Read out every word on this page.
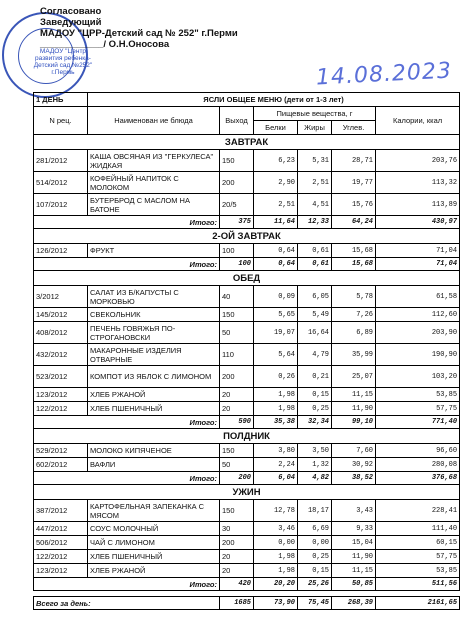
МАДОУ "Центр развития ребенка-Детский сад №252" г.Пермь
Согласовано
Заведующий
МАДОУ "ЦРР-Детский сад № 252" г.Перми
____________/ О.Н.Оносова
14.08.2023
1 ДЕНЬ	ЯСЛИ ОБЩЕЕ МЕНЮ (дети от 1-3 лет)					
N рец.	Наименован ие блюда	Выход	Пищевые вещества, г			Калории, ккал
			Белки	Жиры	Углев.	
ЗАВТРАК						
281/2012	КАША ОВСЯНАЯ ИЗ "ГЕРКУЛЕСА" ЖИДКАЯ	150	6,23	5,31	28,71	203,76
514/2012	КОФЕЙНЫЙ НАПИТОК С МОЛОКОМ	200	2,90	2,51	19,77	113,32
107/2012	БУТЕРБРОД С МАСЛОМ НА БАТОНЕ	20/5	2,51	4,51	15,76	113,89
Итого:		375	11,64	12,33	64,24	430,97
2-ОЙ ЗАВТРАК						
126/2012	ФРУКТ	100	0,64	0,61	15,68	71,04
Итого:		100	0,64	0,61	15,68	71,04
ОБЕД						
3/2012	САЛАТ ИЗ Б/КАПУСТЫ С МОРКОВЬЮ	40	0,09	6,05	5,78	61,58
145/2012	СВЕКОЛЬНИК	150	5,65	5,49	7,26	112,60
408/2012	ПЕЧЕНЬ ГОВЯЖЬЯ ПО-СТРОГАНОВСКИ	50	19,07	16,64	6,89	203,90
432/2012	МАКАРОННЫЕ ИЗДЕЛИЯ ОТВАРНЫЕ	110	5,64	4,79	35,99	190,90
523/2012	КОМПОТ ИЗ ЯБЛОК С ЛИМОНОМ	200	0,26	0,21	25,07	103,20
123/2012	ХЛЕБ РЖАНОЙ	20	1,98	0,15	11,15	53,85
122/2012	ХЛЕБ ПШЕНИЧНЫЙ	20	1,98	0,25	11,90	57,75
Итого:		590	35,38	32,34	99,10	771,40
ПОЛДНИК						
529/2012	МОЛОКО КИПЯЧЕНОЕ	150	3,80	3,50	7,60	96,60
602/2012	ВАФЛИ	50	2,24	1,32	30,92	280,08
Итого:		200	6,04	4,82	38,52	376,68
УЖИН						
387/2012	КАРТОФЕЛЬНАЯ ЗАПЕКАНКА С МЯСОМ	150	12,78	18,17	3,43	228,41
447/2012	СОУС МОЛОЧНЫЙ	30	3,46	6,69	9,33	111,40
506/2012	ЧАЙ С ЛИМОНОМ	200	0,00	0,00	15,04	60,15
122/2012	ХЛЕБ ПШЕНИЧНЫЙ	20	1,98	0,25	11,90	57,75
123/2012	ХЛЕБ РЖАНОЙ	20	1,98	0,15	11,15	53,85
Итого:		420	20,20	25,26	50,85	511,56

Всего за день:		1685	73,90	75,45	268,39	2161,65
